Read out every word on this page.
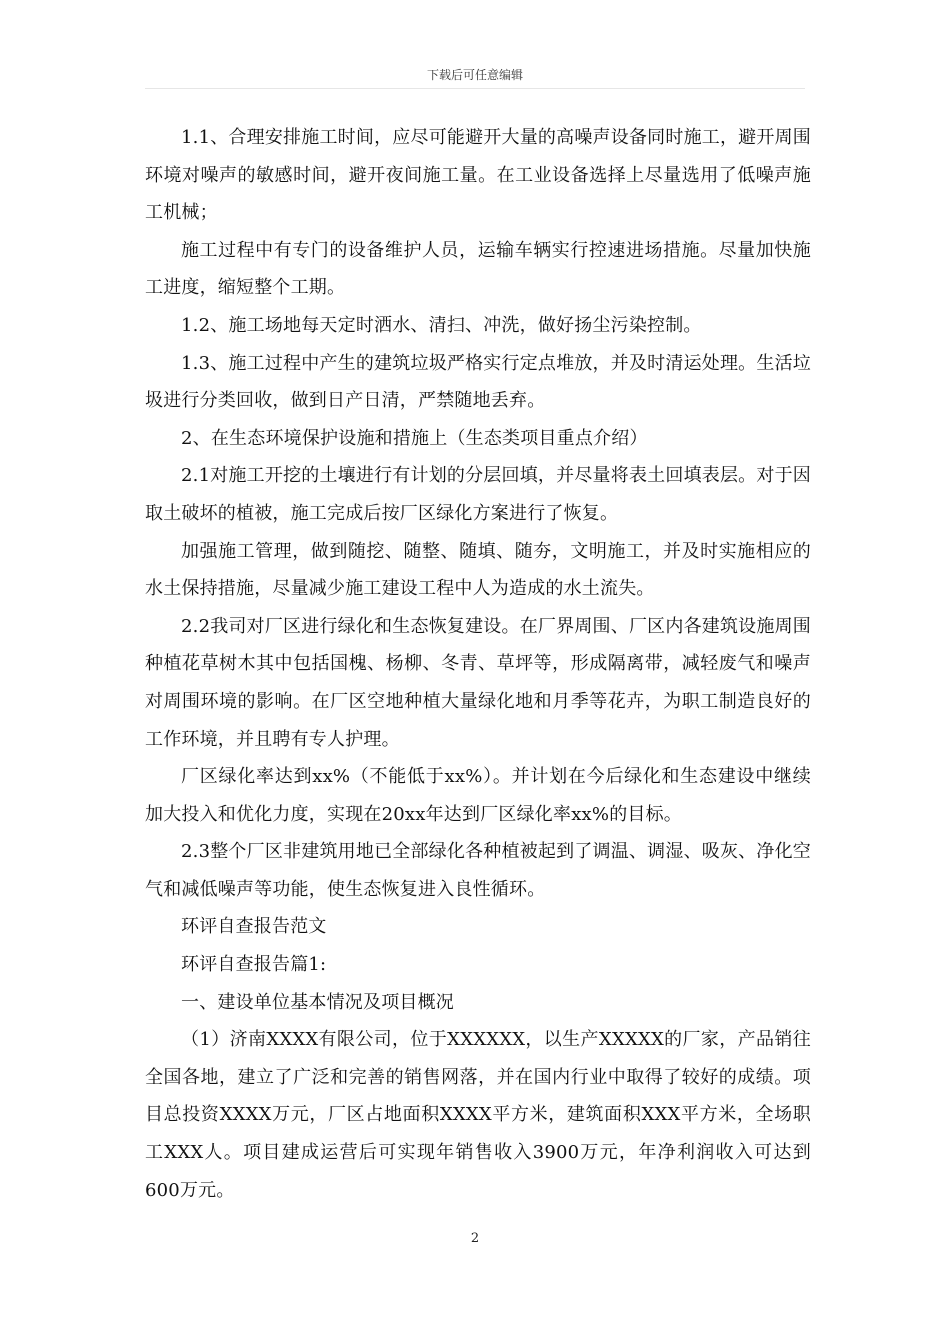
下载后可任意编辑

1.1、合理安排施工时间，应尽可能避开大量的高噪声设备同时施工，避开周围环境对噪声的敏感时间，避开夜间施工量。在工业设备选择上尽量选用了低噪声施工机械；

施工过程中有专门的设备维护人员，运输车辆实行控速进场措施。尽量加快施工进度，缩短整个工期。

1.2、施工场地每天定时洒水、清扫、冲洗，做好扬尘污染控制。

1.3、施工过程中产生的建筑垃圾严格实行定点堆放，并及时清运处理。生活垃圾进行分类回收，做到日产日清，严禁随地丢弃。

2、在生态环境保护设施和措施上（生态类项目重点介绍）

2.1对施工开挖的土壤进行有计划的分层回填，并尽量将表土回填表层。对于因取土破坏的植被，施工完成后按厂区绿化方案进行了恢复。

加强施工管理，做到随挖、随整、随填、随夯，文明施工，并及时实施相应的水土保持措施，尽量减少施工建设工程中人为造成的水土流失。

2.2我司对厂区进行绿化和生态恢复建设。在厂界周围、厂区内各建筑设施周围种植花草树木其中包括国槐、杨柳、冬青、草坪等，形成隔离带，减轻废气和噪声对周围环境的影响。在厂区空地种植大量绿化地和月季等花卉，为职工制造良好的工作环境，并且聘有专人护理。

厂区绿化率达到xx%（不能低于xx%）。并计划在今后绿化和生态建设中继续加大投入和优化力度，实现在20xx年达到厂区绿化率xx%的目标。

2.3整个厂区非建筑用地已全部绿化各种植被起到了调温、调湿、吸灰、净化空气和减低噪声等功能，使生态恢复进入良性循环。

环评自查报告范文

环评自查报告篇1:

一、建设单位基本情况及项目概况

（1）济南XXXX有限公司，位于XXXXXX，以生产XXXXX的厂家，产品销往全国各地，建立了广泛和完善的销售网落，并在国内行业中取得了较好的成绩。项目总投资XXXX万元，厂区占地面积XXXX平方米，建筑面积XXX平方米，全场职工XXX人。项目建成运营后可实现年销售收入3900万元，年净利润收入可达到600万元。

2
